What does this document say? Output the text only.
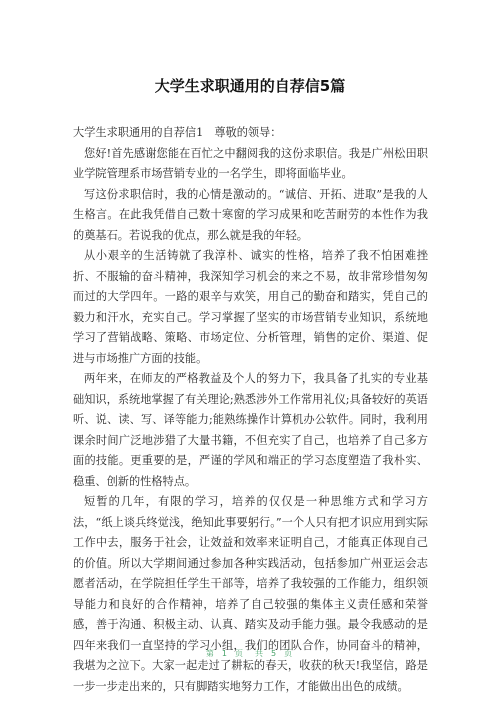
大学生求职通用的自荐信5篇

大学生求职通用的自荐信1　尊敬的领导：

您好!首先感谢您能在百忙之中翻阅我的这份求职信。我是广州松田职业学院管理系市场营销专业的一名学生，即将面临毕业。

写这份求职信时，我的心情是激动的。“诚信、开拓、进取”是我的人生格言。在此我凭借自己数十寒窗的学习成果和吃苦耐劳的本性作为我的奠基石。若说我的优点，那么就是我的年轻。

从小艰辛的生活铸就了我淳朴、诚实的性格，培养了我不怕困难挫折、不服输的奋斗精神，我深知学习机会的来之不易，故非常珍惜匆匆而过的大学四年。一路的艰辛与欢笑，用自己的勤奋和踏实，凭自己的毅力和汗水，充实自己。学习掌握了坚实的市场营销专业知识，系统地学习了营销战略、策略、市场定位、分析管理，销售的定价、渠道、促进与市场推广方面的技能。

两年来，在师友的严格教益及个人的努力下，我具备了扎实的专业基础知识，系统地掌握了有关理论;熟悉涉外工作常用礼仪;具备较好的英语听、说、读、写、译等能力;能熟练操作计算机办公软件。同时，我利用课余时间广泛地涉猎了大量书籍，不但充实了自己，也培养了自己多方面的技能。更重要的是，严谨的学风和端正的学习态度塑造了我朴实、稳重、创新的性格特点。

短暂的几年，有限的学习，培养的仅仅是一种思维方式和学习方法，“纸上谈兵终觉浅，绝知此事要躬行。”一个人只有把才识应用到实际工作中去，服务于社会，让效益和效率来证明自己，才能真正体现自己的价值。所以大学期间通过参加各种实践活动，包括参加广州亚运会志愿者活动，在学院担任学生干部等，培养了我较强的工作能力，组织领导能力和良好的合作精神，培养了自己较强的集体主义责任感和荣誉感，善于沟通、积极主动、认真、踏实及动手能力强。最令我感动的是四年来我们一直坚持的学习小组，我们的团队合作，协同奋斗的精神，我堪为之泣下。大家一起走过了耕耘的春天，收获的秋天!我坚信，路是一步一步走出来的，只有脚踏实地努力工作，才能做出出色的成绩。

第 1 页　共 5 页
